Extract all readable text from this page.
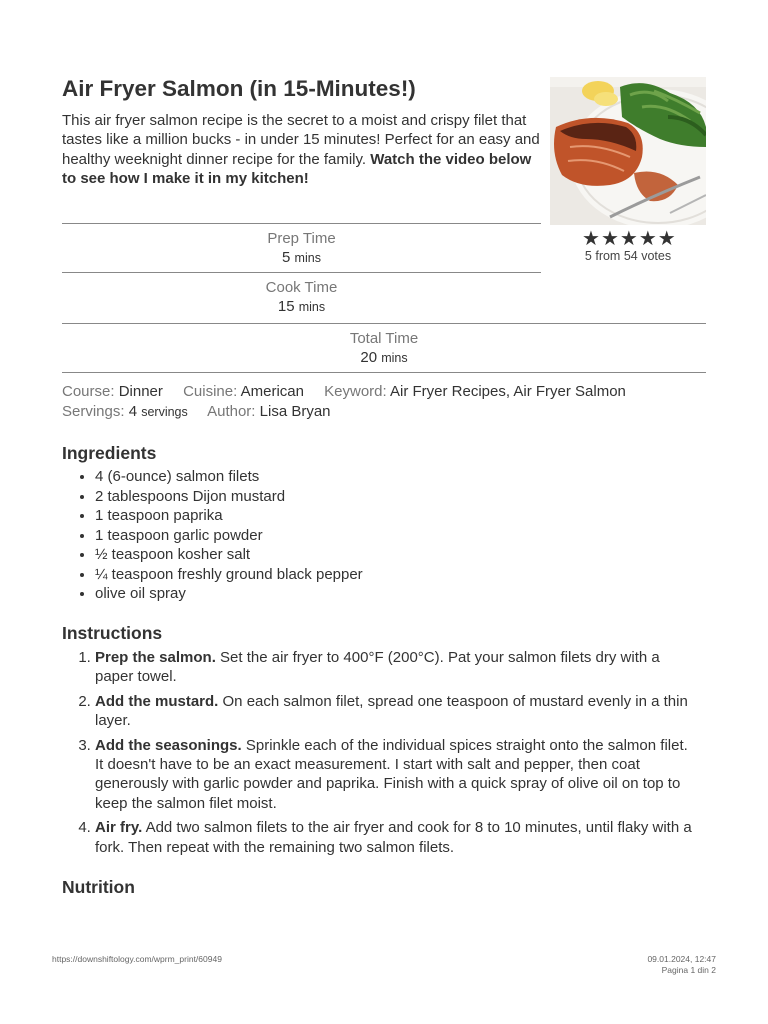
Air Fryer Salmon (in 15-Minutes!)

This air fryer salmon recipe is the secret to a moist and crispy filet that tastes like a million bucks - in under 15 minutes! Perfect for an easy and healthy weeknight dinner recipe for the family. Watch the video below to see how I make it in my kitchen!

★ ★ ★ ★ ★
5 from 54 votes
Prep Time
5 mins
Cook Time
15 mins
Total Time
20 mins
Course: Dinner Cuisine: American Keyword: Air Fryer Recipes, Air Fryer Salmon
Servings: 4 servings Author: Lisa Bryan
Ingredients
• 4 (6-ounce) salmon filets
• 2 tablespoons Dijon mustard
• 1 teaspoon paprika
• 1 teaspoon garlic powder
• ½ teaspoon kosher salt
• ¼ teaspoon freshly ground black pepper
• olive oil spray
Instructions
1. Prep the salmon. Set the air fryer to 400°F (200°C). Pat your salmon filets dry with a paper towel.
2. Add the mustard. On each salmon filet, spread one teaspoon of mustard evenly in a thin layer.
3. Add the seasonings. Sprinkle each of the individual spices straight onto the salmon filet. It doesn't have to be an exact measurement. I start with salt and pepper, then coat generously with garlic powder and paprika. Finish with a quick spray of olive oil on top to keep the salmon filet moist.
4. Air fry. Add two salmon filets to the air fryer and cook for 8 to 10 minutes, until flaky with a fork. Then repeat with the remaining two salmon filets.
Nutrition
https://downshiftology.com/wprm_print/60949	09.01.2024, 12:47
Pagina 1 din 2
